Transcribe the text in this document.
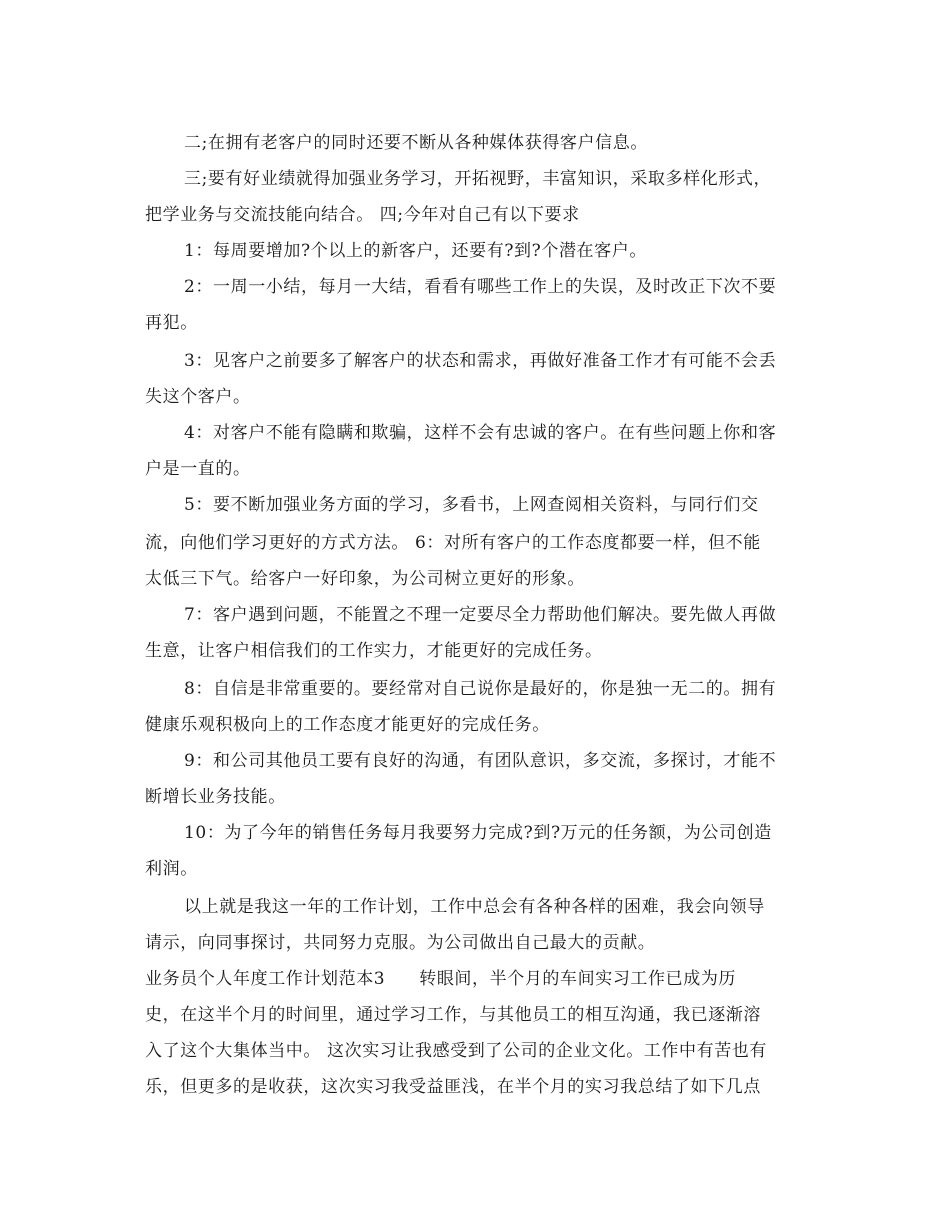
二;在拥有老客户的同时还要不断从各种媒体获得客户信息。
三;要有好业绩就得加强业务学习，开拓视野，丰富知识，采取多样化形式，
把学业务与交流技能向结合。 四;今年对自己有以下要求
1：每周要增加?个以上的新客户，还要有?到?个潜在客户。
2：一周一小结，每月一大结，看看有哪些工作上的失误，及时改正下次不要
再犯。
3：见客户之前要多了解客户的状态和需求，再做好准备工作才有可能不会丢
失这个客户。
4：对客户不能有隐瞒和欺骗，这样不会有忠诚的客户。在有些问题上你和客
户是一直的。
5：要不断加强业务方面的学习，多看书，上网查阅相关资料，与同行们交
流，向他们学习更好的方式方法。 6：对所有客户的工作态度都要一样，但不能
太低三下气。给客户一好印象，为公司树立更好的形象。
7：客户遇到问题，不能置之不理一定要尽全力帮助他们解决。要先做人再做
生意，让客户相信我们的工作实力，才能更好的完成任务。
8：自信是非常重要的。要经常对自己说你是最好的，你是独一无二的。拥有
健康乐观积极向上的工作态度才能更好的完成任务。
9：和公司其他员工要有良好的沟通，有团队意识，多交流，多探讨，才能不
断增长业务技能。
10：为了今年的销售任务每月我要努力完成?到?万元的任务额，为公司创造
利润。
以上就是我这一年的工作计划，工作中总会有各种各样的困难，我会向领导
请示，向同事探讨，共同努力克服。为公司做出自己最大的贡献。
业务员个人年度工作计划范本3 转眼间，半个月的车间实习工作已成为历
史，在这半个月的时间里，通过学习工作，与其他员工的相互沟通，我已逐渐溶
入了这个大集体当中。 这次实习让我感受到了公司的企业文化。工作中有苦也有
乐，但更多的是收获，这次实习我受益匪浅，在半个月的实习我总结了如下几点
